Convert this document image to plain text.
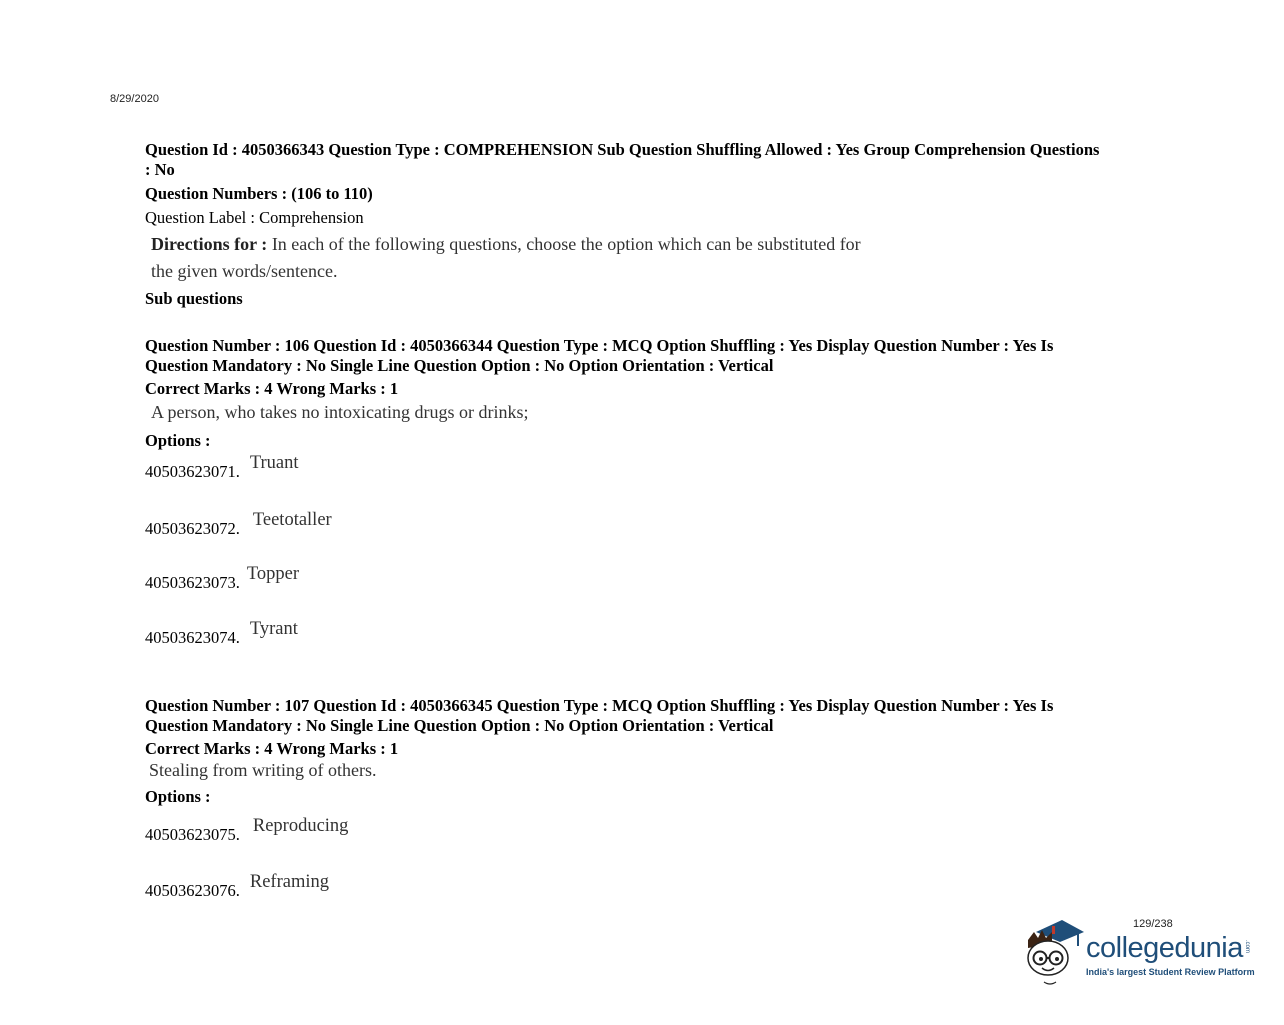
8/29/2020
Question Id : 4050366343 Question Type : COMPREHENSION Sub Question Shuffling Allowed : Yes Group Comprehension Questions
: No
Question Numbers : (106 to 110)
Question Label : Comprehension
Directions for : In each of the following questions, choose the option which can be substituted for
the given words/sentence.
Sub questions
Question Number : 106 Question Id : 4050366344 Question Type : MCQ Option Shuffling : Yes Display Question Number : Yes Is
Question Mandatory : No Single Line Question Option : No Option Orientation : Vertical
Correct Marks : 4 Wrong Marks : 1
A person, who takes no intoxicating drugs or drinks;
Options :
40503623071. Truant
40503623072. Teetotaller
40503623073. Topper
40503623074. Tyrant
Question Number : 107 Question Id : 4050366345 Question Type : MCQ Option Shuffling : Yes Display Question Number : Yes Is
Question Mandatory : No Single Line Question Option : No Option Orientation : Vertical
Correct Marks : 4 Wrong Marks : 1
Stealing from writing of others.
Options :
40503623075. Reproducing
40503623076. Reframing
129/238
collegedunia .com
India's largest Student Review Platform
